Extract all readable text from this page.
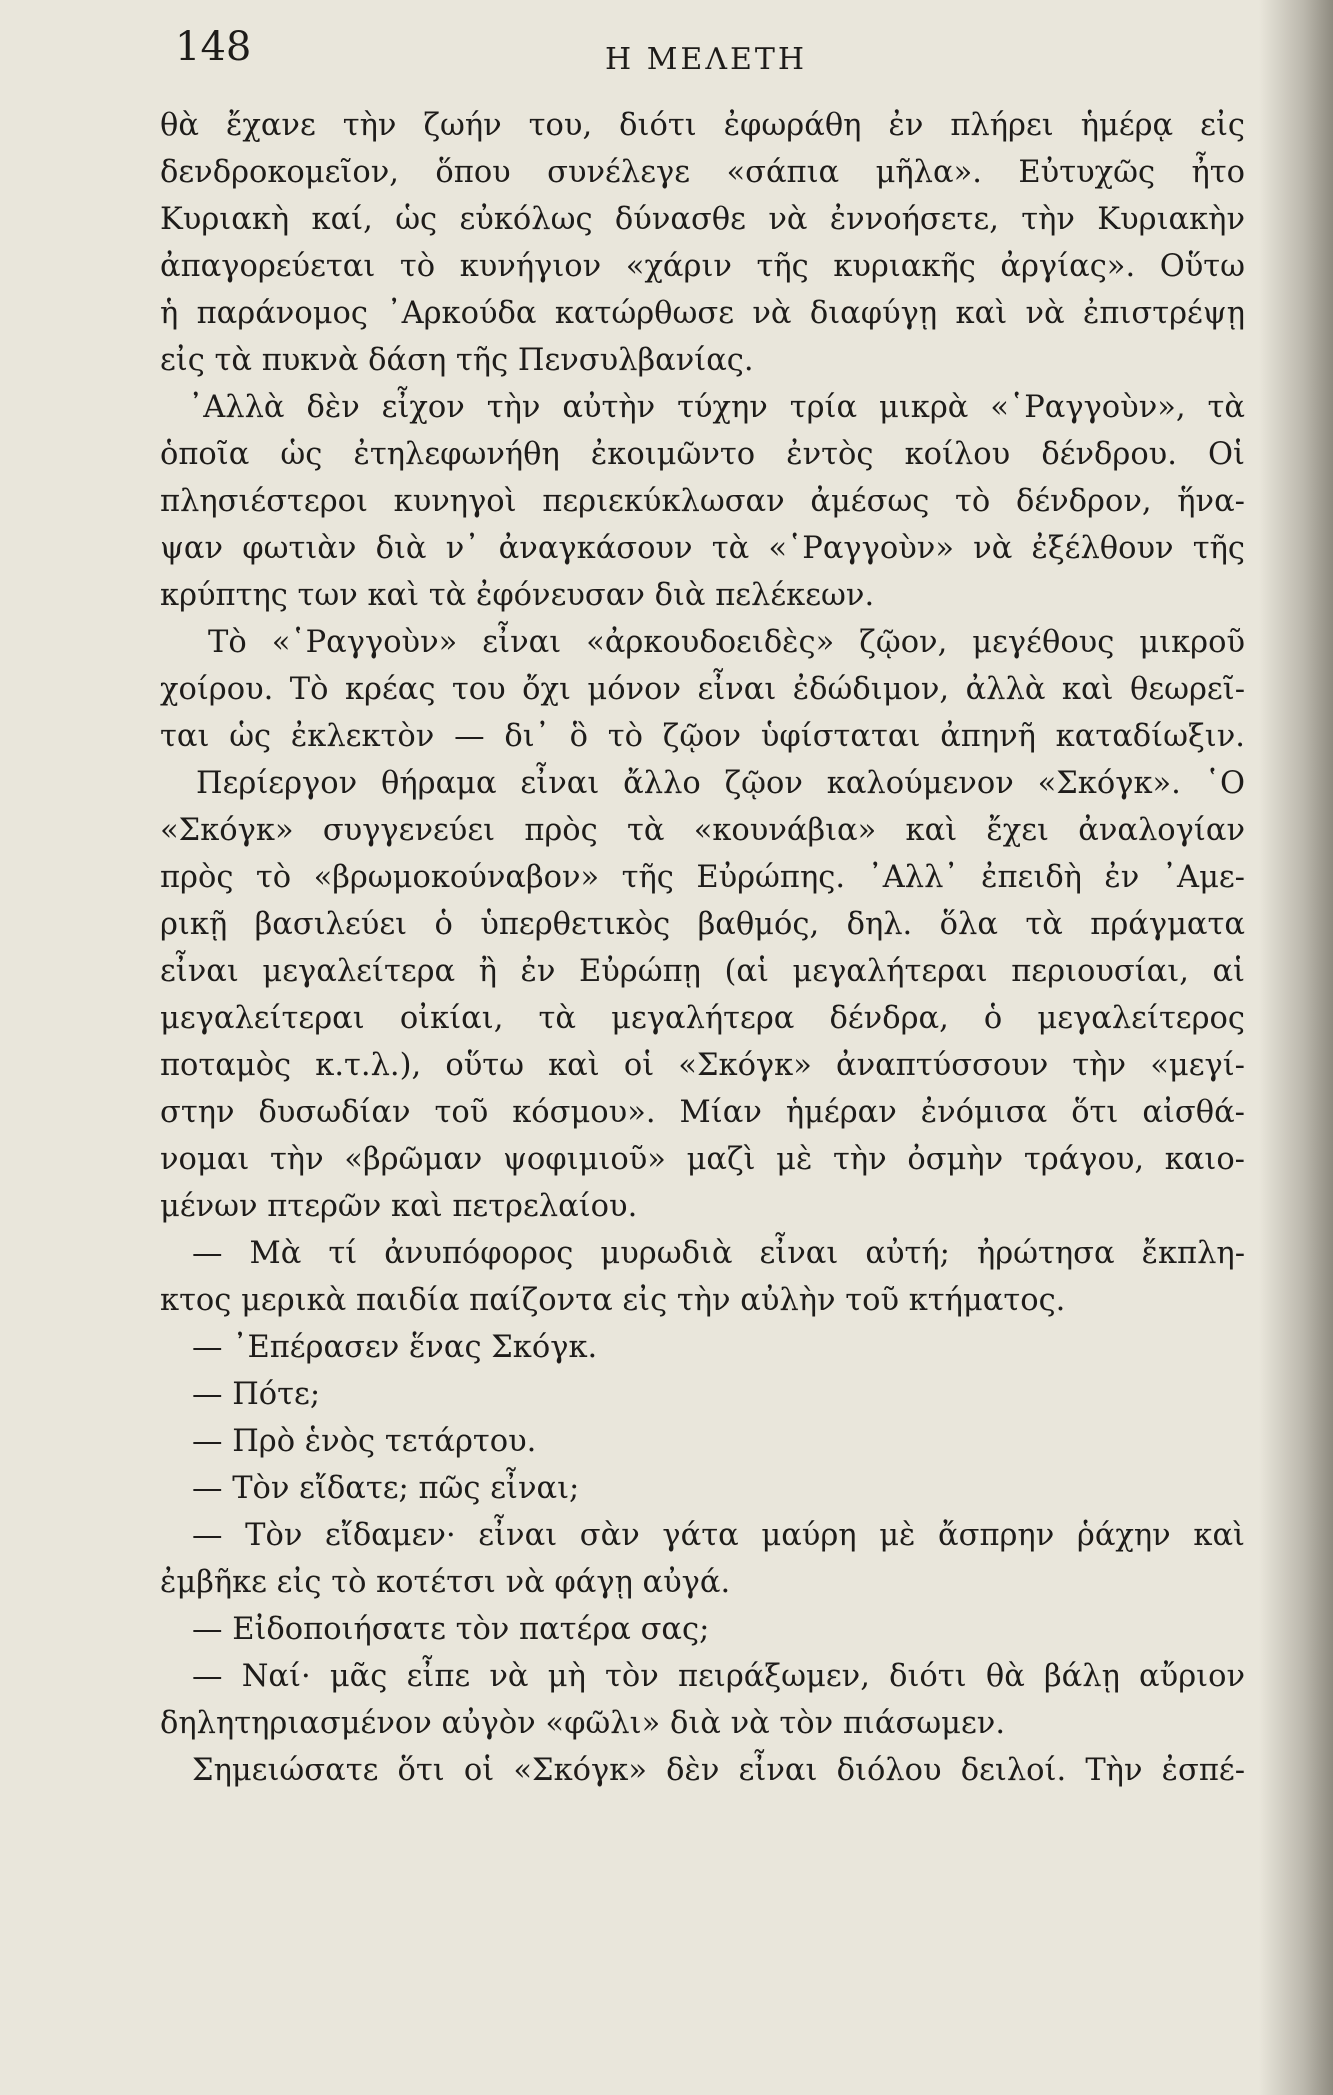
148	Η ΜΕΛΕΤΗ
θὰ ἔχανε τὴν ζωήν του, διότι ἐφωράθη ἐν πλήρει ἡμέρᾳ εἰς
δενδροκομεῖον, ὅπου συνέλεγε «σάπια μῆλα». Εὐτυχῶς ἦτο
Κυριακὴ καί, ὡς εὐκόλως δύνασθε νὰ ἐννοήσετε, τὴν Κυριακὴν
ἀπαγορεύεται τὸ κυνήγιον «χάριν τῆς κυριακῆς ἀργίας». Οὕτω
ἡ παράνομος ᾿Αρκούδα κατώρθωσε νὰ διαφύγῃ καὶ νὰ ἐπιστρέψῃ
εἰς τὰ πυκνὰ δάση τῆς Πενσυλβανίας.
᾿Αλλὰ δὲν εἶχον τὴν αὐτὴν τύχην τρία μικρὰ «῾Ραγγοὺν», τὰ
ὁποῖα ὡς ἐτηλεφωνήθη ἐκοιμῶντο ἐντὸς κοίλου δένδρου. Οἱ
πλησιέστεροι κυνηγοὶ περιεκύκλωσαν ἀμέσως τὸ δένδρον, ἥνα-
ψαν φωτιὰν διὰ ν᾿ ἀναγκάσουν τὰ «῾Ραγγοὺν» νὰ ἐξέλθουν τῆς
κρύπτης των καὶ τὰ ἐφόνευσαν διὰ πελέκεων.
Τὸ «῾Ραγγοὺν» εἶναι «ἀρκουδοειδὲς» ζῷον, μεγέθους μικροῦ
χοίρου. Τὸ κρέας του ὄχι μόνον εἶναι ἐδώδιμον, ἀλλὰ καὶ θεωρεῖ-
ται ὡς ἐκλεκτὸν — δι᾿ ὃ τὸ ζῷον ὑφίσταται ἀπηνῆ καταδίωξιν.
Περίεργον θήραμα εἶναι ἄλλο ζῷον καλούμενον «Σκόγκ». ῾Ο
«Σκόγκ» συγγενεύει πρὸς τὰ «κουνάβια» καὶ ἔχει ἀναλογίαν
πρὸς τὸ «βρωμοκούναβον» τῆς Εὐρώπης. ᾿Αλλ᾿ ἐπειδὴ ἐν ᾿Αμε-
ρικῇ βασιλεύει ὁ ὑπερθετικὸς βαθμός, δηλ. ὅλα τὰ πράγματα
εἶναι μεγαλείτερα ἢ ἐν Εὐρώπῃ (αἱ μεγαλήτεραι περιουσίαι, αἱ
μεγαλείτεραι οἰκίαι, τὰ μεγαλήτερα δένδρα, ὁ μεγαλείτερος
ποταμὸς κ.τ.λ.), οὕτω καὶ οἱ «Σκόγκ» ἀναπτύσσουν τὴν «μεγί-
στην δυσωδίαν τοῦ κόσμου». Μίαν ἡμέραν ἐνόμισα ὅτι αἰσθά-
νομαι τὴν «βρῶμαν ψοφιμιοῦ» μαζὶ μὲ τὴν ὀσμὴν τράγου, καιο-
μένων πτερῶν καὶ πετρελαίου.
— Μὰ τί ἀνυπόφορος μυρωδιὰ εἶναι αὐτή; ἠρώτησα ἔκπλη-
κτος μερικὰ παιδία παίζοντα εἰς τὴν αὐλὴν τοῦ κτήματος.
— ᾿Επέρασεν ἕνας Σκόγκ.
— Πότε;
— Πρὸ ἑνὸς τετάρτου.
— Τὸν εἴδατε; πῶς εἶναι;
— Τὸν εἴδαμεν· εἶναι σὰν γάτα μαύρη μὲ ἄσπρην ῥάχην καὶ
ἐμβῆκε εἰς τὸ κοτέτσι νὰ φάγῃ αὐγά.
— Εἰδοποιήσατε τὸν πατέρα σας;
— Ναί· μᾶς εἶπε νὰ μὴ τὸν πειράξωμεν, διότι θὰ βάλῃ αὔριον
δηλητηριασμένον αὐγὸν «φῶλι» διὰ νὰ τὸν πιάσωμεν.
Σημειώσατε ὅτι οἱ «Σκόγκ» δὲν εἶναι διόλου δειλοί. Τὴν ἐσπέ-
